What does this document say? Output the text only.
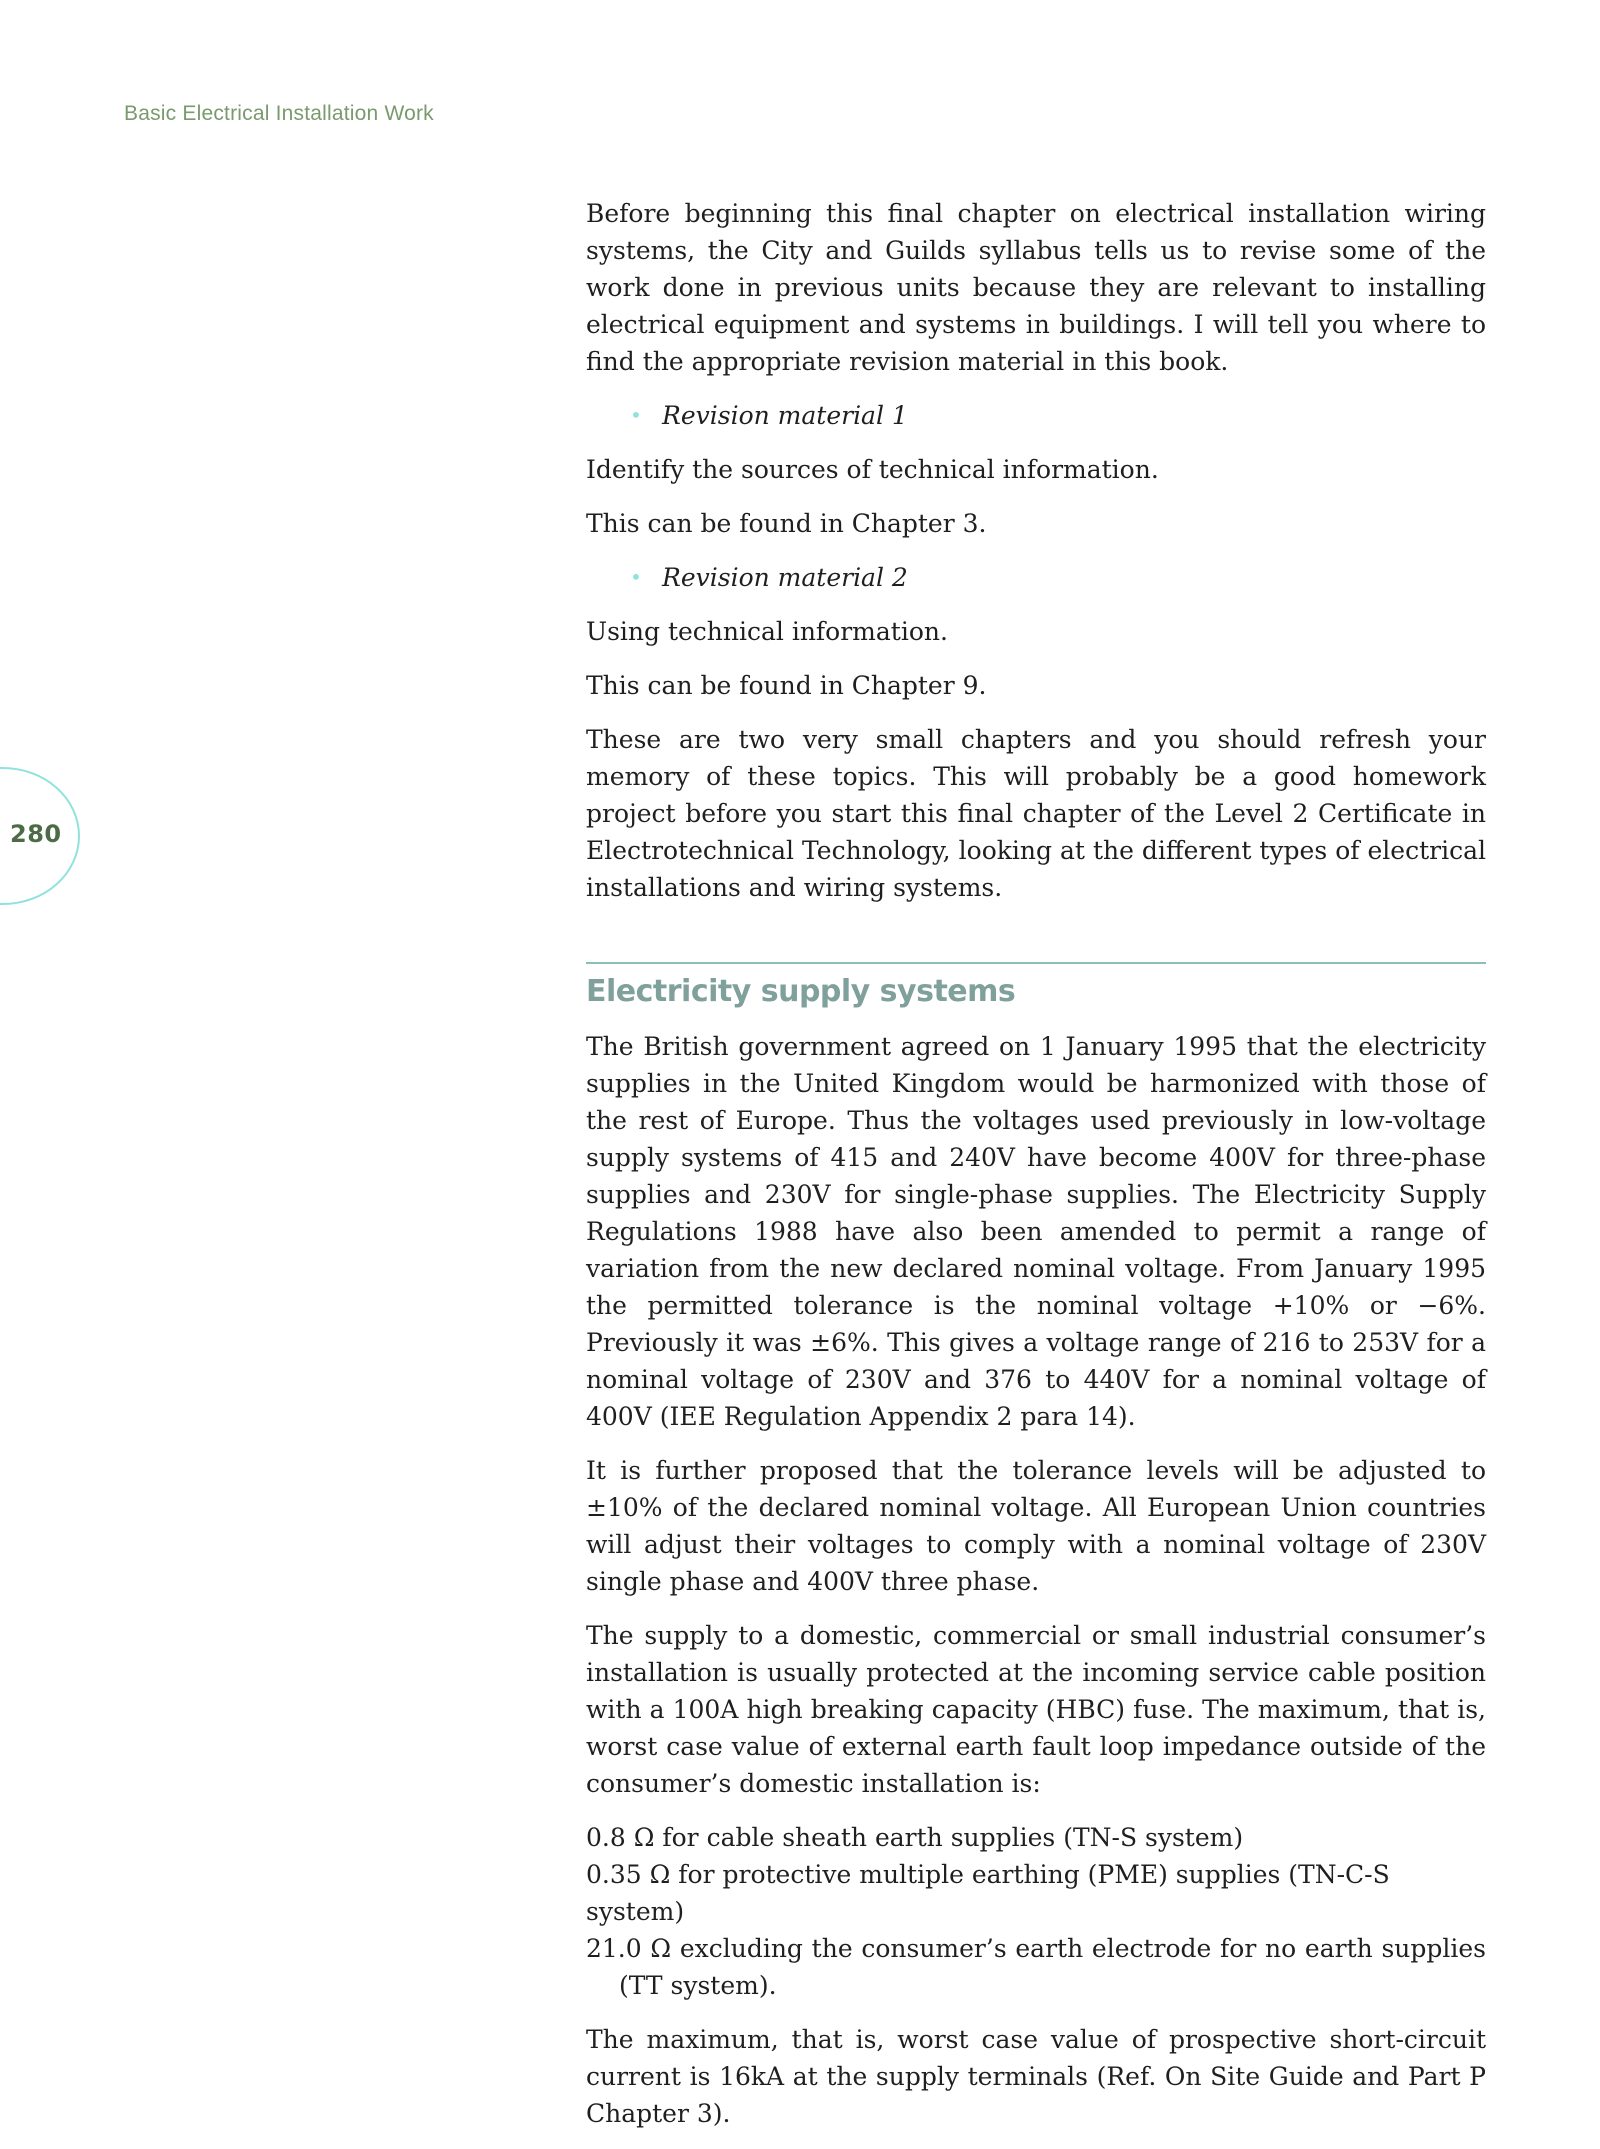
Basic Electrical Installation Work
280

Before beginning this final chapter on electrical installation wiring systems, the City and Guilds syllabus tells us to revise some of the work done in previous units because they are relevant to installing electrical equipment and systems in buildings. I will tell you where to find the appropriate revision material in this book.

• Revision material 1

Identify the sources of technical information.

This can be found in Chapter 3.

• Revision material 2

Using technical information.

This can be found in Chapter 9.

These are two very small chapters and you should refresh your memory of these topics. This will probably be a good homework project before you start this final chapter of the Level 2 Certificate in Electrotechnical Technology, looking at the different types of electrical installations and wiring systems.

Electricity supply systems

The British government agreed on 1 January 1995 that the electricity supplies in the United Kingdom would be harmonized with those of the rest of Europe. Thus the voltages used previously in low-voltage supply systems of 415 and 240V have become 400V for three-phase supplies and 230V for single-phase supplies. The Electricity Supply Regulations 1988 have also been amended to permit a range of variation from the new declared nominal voltage. From January 1995 the permitted tolerance is the nominal voltage +10% or −6%. Previously it was ±6%. This gives a voltage range of 216 to 253V for a nominal voltage of 230V and 376 to 440V for a nominal voltage of 400V (IEE Regulation Appendix 2 para 14).

It is further proposed that the tolerance levels will be adjusted to ±10% of the declared nominal voltage. All European Union countries will adjust their voltages to comply with a nominal voltage of 230V single phase and 400V three phase.

The supply to a domestic, commercial or small industrial consumer’s installation is usually protected at the incoming service cable position with a 100A high breaking capacity (HBC) fuse. The maximum, that is, worst case value of external earth fault loop impedance outside of the consumer’s domestic installation is:

0.8 Ω for cable sheath earth supplies (TN-S system)
0.35 Ω for protective multiple earthing (PME) supplies (TN-C-S system)
21.0 Ω excluding the consumer’s earth electrode for no earth supplies (TT system).

The maximum, that is, worst case value of prospective short-circuit current is 16kA at the supply terminals (Ref. On Site Guide and Part P Chapter 3).
